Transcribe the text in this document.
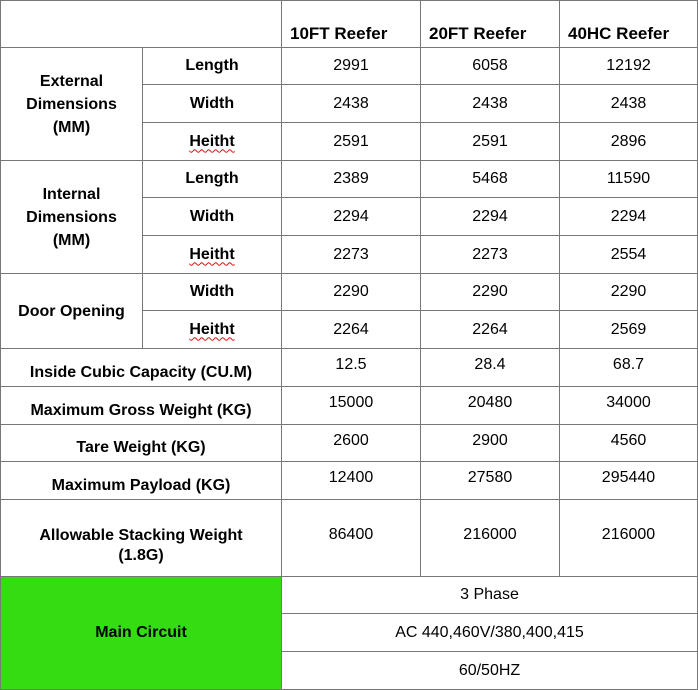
		10FT Reefer	20FT Reefer	40HC Reefer

External
Dimensions
(MM)	Length	2991	6058	12192
	Width	2438	2438	2438
	Heitht	2591	2591	2896

Internal
Dimensions
(MM)	Length	2389	5468	11590
	Width	2294	2294	2294
	Heitht	2273	2273	2554
Door Opening	Width	2290	2290	2290
	Heitht	2264	2264	2569
Inside Cubic Capacity (CU.M)		12.5	28.4	68.7
Maximum Gross Weight (KG)		15000	20480	34000
Tare Weight (KG)		2600	2900	4560
Maximum Payload (KG)		12400	27580	295440

Allowable Stacking Weight
(1.8G)		86400	216000	216000
Main Circuit		3 Phase		
		AC 440,460V/380,400,415		
		60/50HZ		
